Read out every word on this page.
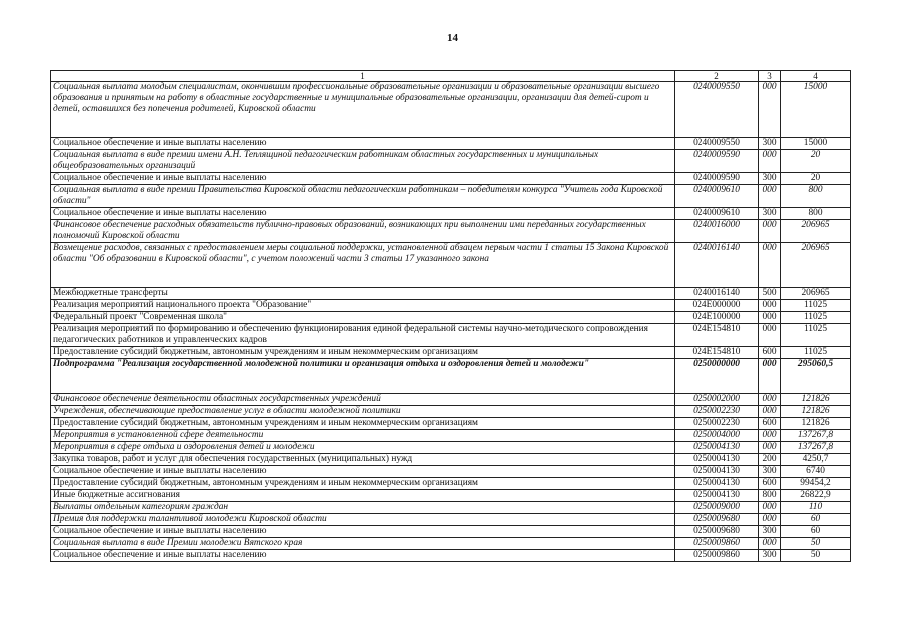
14
1	2	3	4
Социальная выплата молодым специалистам, окончившим профессиональные образовательные организации и образовательные организации высшего образования и принятым на работу в областные государственные и муниципальные образовательные организации, организации для детей-сирот и детей, оставшихся без попечения родителей, Кировской области	0240009550	000	15000
Социальное обеспечение и иные выплаты населению	0240009550	300	15000
Социальная выплата в виде премии имени А.Н. Теплящиной педагогическим работникам областных государственных и муниципальных общеобразовательных организаций	0240009590	000	20
Социальное обеспечение и иные выплаты населению	0240009590	300	20
Социальная выплата в виде премии Правительства Кировской области педагогическим работникам – победителям конкурса "Учитель года Кировской области"	0240009610	000	800
Социальное обеспечение и иные выплаты населению	0240009610	300	800
Финансовое обеспечение расходных обязательств публично-правовых образований, возникающих при выполнении ими переданных государственных полномочий Кировской области	0240016000	000	206965
Возмещение расходов, связанных с предоставлением меры социальной поддержки, установленной абзацем первым части 1 статьи 15 Закона Кировской области "Об образовании в Кировской области", с учетом положений части 3 статьи 17 указанного закона	0240016140	000	206965
Межбюджетные трансферты	0240016140	500	206965
Реализация мероприятий национального проекта "Образование"	024E000000	000	11025
Федеральный проект "Современная школа"	024E100000	000	11025
Реализация мероприятий по формированию и обеспечению функционирования единой федеральной системы научно-методического сопровождения педагогических работников и управленческих кадров	024E154810	000	11025
Предоставление субсидий бюджетным, автономным учреждениям и иным некоммерческим организациям	024E154810	600	11025
Подпрограмма "Реализация государственной молодежной политики и организация отдыха и оздоровления детей и молодежи"	0250000000	000	295060,5
Финансовое обеспечение деятельности областных государственных учреждений	0250002000	000	121826
Учреждения, обеспечивающие предоставление услуг в области молодежной политики	0250002230	000	121826
Предоставление субсидий бюджетным, автономным учреждениям и иным некоммерческим организациям	0250002230	600	121826
Мероприятия в установленной сфере деятельности	0250004000	000	137267,8
Мероприятия в сфере отдыха и оздоровления детей и молодежи	0250004130	000	137267,8
Закупка товаров, работ и услуг для обеспечения государственных (муниципальных) нужд	0250004130	200	4250,7
Социальное обеспечение и иные выплаты населению	0250004130	300	6740
Предоставление субсидий бюджетным, автономным учреждениям и иным некоммерческим организациям	0250004130	600	99454,2
Иные бюджетные ассигнования	0250004130	800	26822,9
Выплаты отдельным категориям граждан	0250009000	000	110
Премия для поддержки талантливой молодежи Кировской области	0250009680	000	60
Социальное обеспечение и иные выплаты населению	0250009680	300	60
Социальная выплата в виде Премии молодежи Вятского края	0250009860	000	50
Социальное обеспечение и иные выплаты населению	0250009860	300	50
